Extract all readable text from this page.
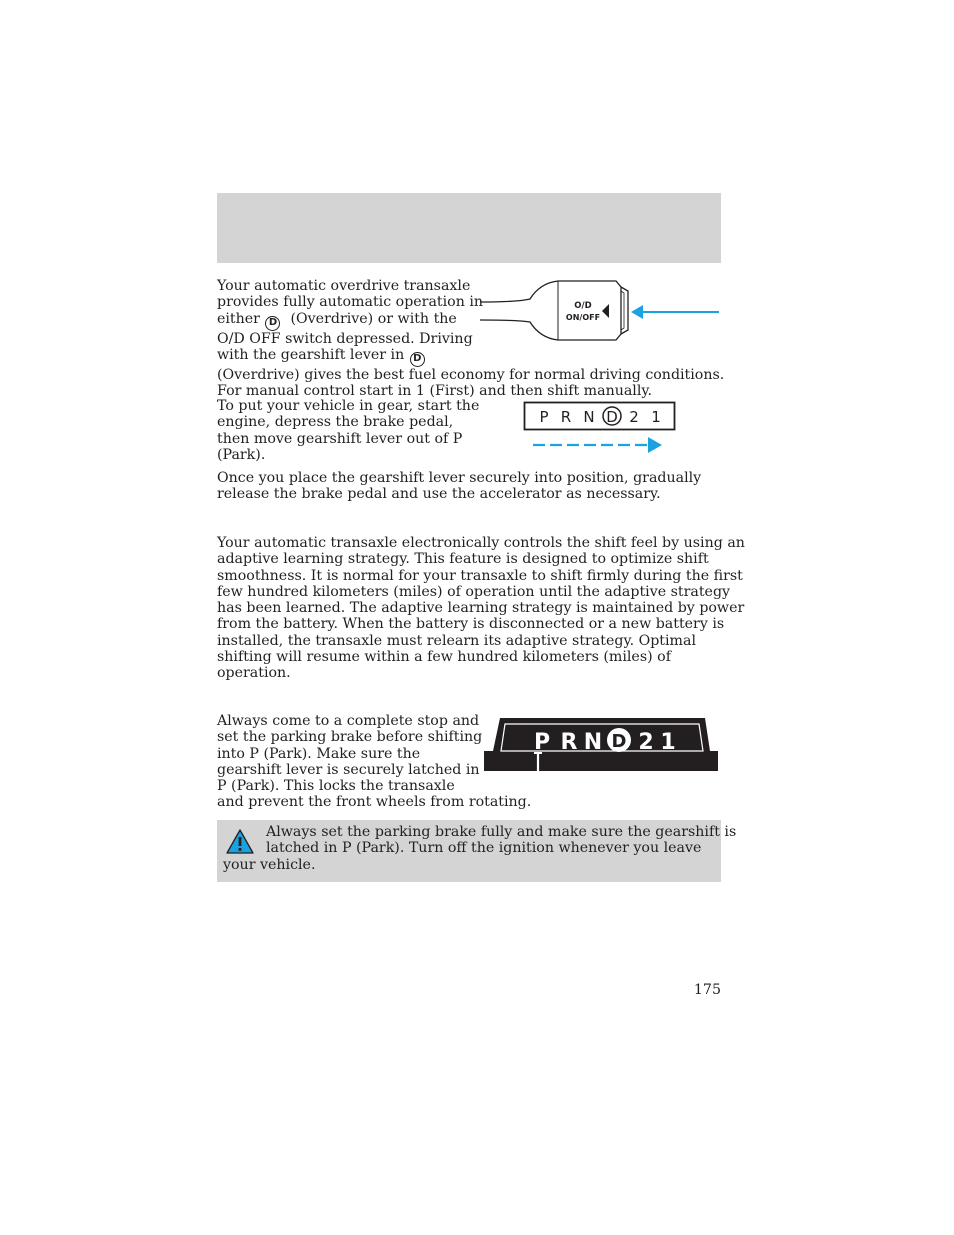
Your automatic overdrive transaxle
provides fully automatic operation in
either D (Overdrive) or with the
O/D OFF switch depressed. Driving
with the gearshift lever in D
(Overdrive) gives the best fuel economy for normal driving conditions.
For manual control start in 1 (First) and then shift manually.

O/D
ON/OFF

To put your vehicle in gear, start the
engine, depress the brake pedal,
then move gearshift lever out of P
(Park).

P R N D 2 1

Once you place the gearshift lever securely into position, gradually
release the brake pedal and use the accelerator as necessary.

Your automatic transaxle electronically controls the shift feel by using an
adaptive learning strategy. This feature is designed to optimize shift
smoothness. It is normal for your transaxle to shift firmly during the first
few hundred kilometers (miles) of operation until the adaptive strategy
has been learned. The adaptive learning strategy is maintained by power
from the battery. When the battery is disconnected or a new battery is
installed, the transaxle must relearn its adaptive strategy. Optimal
shifting will resume within a few hundred kilometers (miles) of
operation.

Always come to a complete stop and
set the parking brake before shifting
into P (Park). Make sure the
gearshift lever is securely latched in
P (Park). This locks the transaxle
and prevent the front wheels from rotating.

P R N D 2 1

Always set the parking brake fully and make sure the gearshift is
latched in P (Park). Turn off the ignition whenever you leave

your vehicle.

175
